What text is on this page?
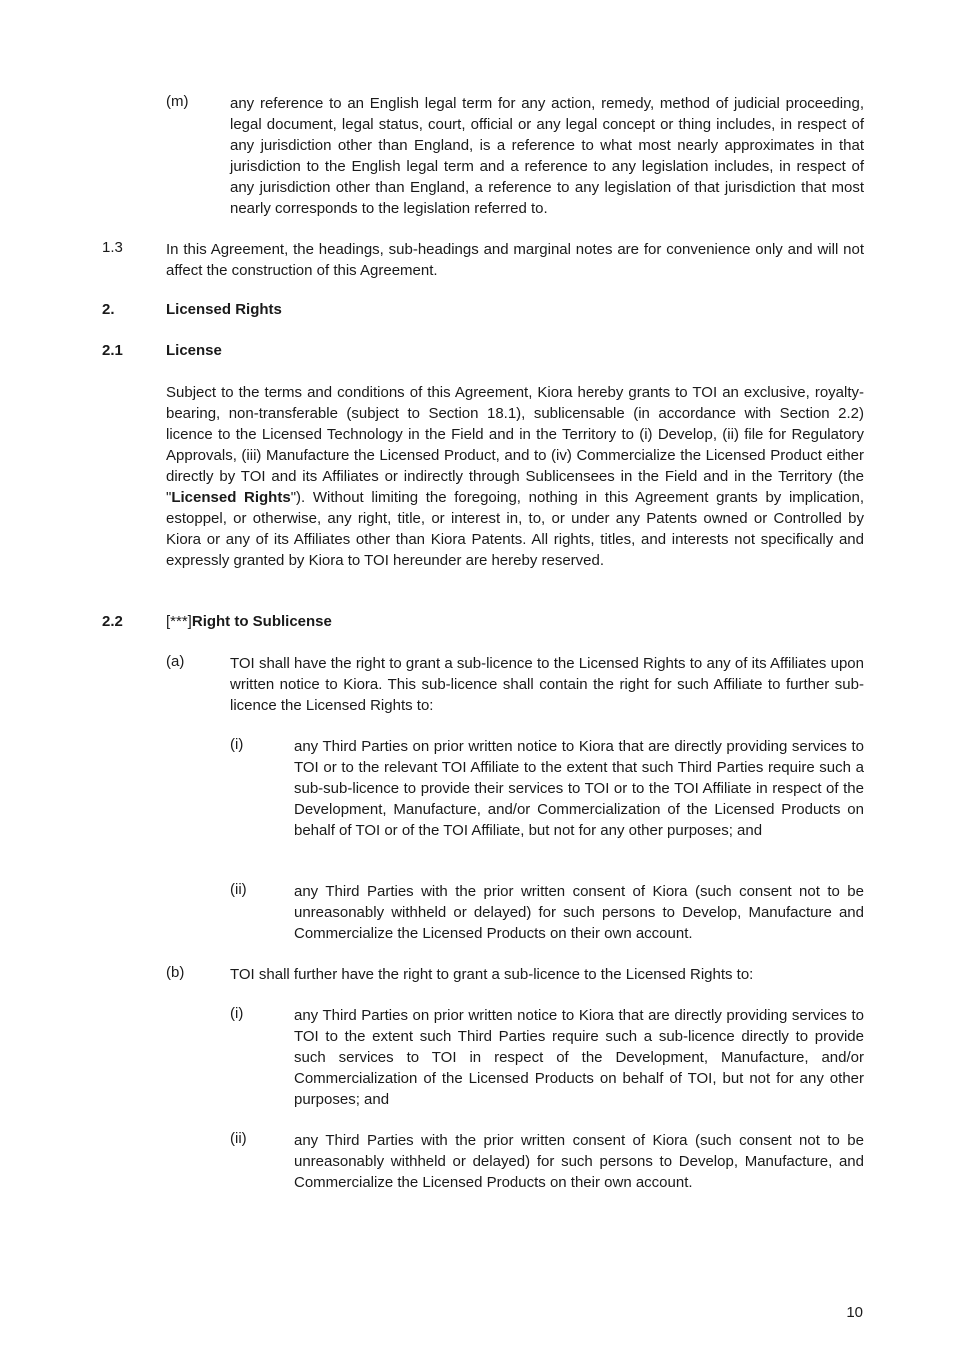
(m)	any reference to an English legal term for any action, remedy, method of judicial proceeding, legal document, legal status, court, official or any legal concept or thing includes, in respect of any jurisdiction other than England, is a reference to what most nearly approximates in that jurisdiction to the English legal term and a reference to any legislation includes, in respect of any jurisdiction other than England, a reference to any legislation of that jurisdiction that most nearly corresponds to the legislation referred to.
1.3	In this Agreement, the headings, sub-headings and marginal notes are for convenience only and will not affect the construction of this Agreement.
2.	Licensed Rights
2.1	License
Subject to the terms and conditions of this Agreement, Kiora hereby grants to TOI an exclusive, royalty-bearing, non-transferable (subject to Section 18.1), sublicensable (in accordance with Section 2.2) licence to the Licensed Technology in the Field and in the Territory to (i) Develop, (ii) file for Regulatory Approvals, (iii) Manufacture the Licensed Product, and to (iv) Commercialize the Licensed Product either directly by TOI and its Affiliates or indirectly through Sublicensees in the Field and in the Territory (the "Licensed Rights"). Without limiting the foregoing, nothing in this Agreement grants by implication, estoppel, or otherwise, any right, title, or interest in, to, or under any Patents owned or Controlled by Kiora or any of its Affiliates other than Kiora Patents. All rights, titles, and interests not specifically and expressly granted by Kiora to TOI hereunder are hereby reserved.
2.2	[***]Right to Sublicense
(a)	TOI shall have the right to grant a sub-licence to the Licensed Rights to any of its Affiliates upon written notice to Kiora. This sub-licence shall contain the right for such Affiliate to further sub-licence the Licensed Rights to:
(i)	any Third Parties on prior written notice to Kiora that are directly providing services to TOI or to the relevant TOI Affiliate to the extent that such Third Parties require such a sub-sub-licence to provide their services to TOI or to the TOI Affiliate in respect of the Development, Manufacture, and/or Commercialization of the Licensed Products on behalf of TOI or of the TOI Affiliate, but not for any other purposes; and
(ii)	any Third Parties with the prior written consent of Kiora (such consent not to be unreasonably withheld or delayed) for such persons to Develop, Manufacture and Commercialize the Licensed Products on their own account.
(b)	TOI shall further have the right to grant a sub-licence to the Licensed Rights to:
(i)	any Third Parties on prior written notice to Kiora that are directly providing services to TOI to the extent such Third Parties require such a sub-licence directly to provide such services to TOI in respect of the Development, Manufacture, and/or Commercialization of the Licensed Products on behalf of TOI, but not for any other purposes; and
(ii)	any Third Parties with the prior written consent of Kiora (such consent not to be unreasonably withheld or delayed) for such persons to Develop, Manufacture, and Commercialize the Licensed Products on their own account.
10
